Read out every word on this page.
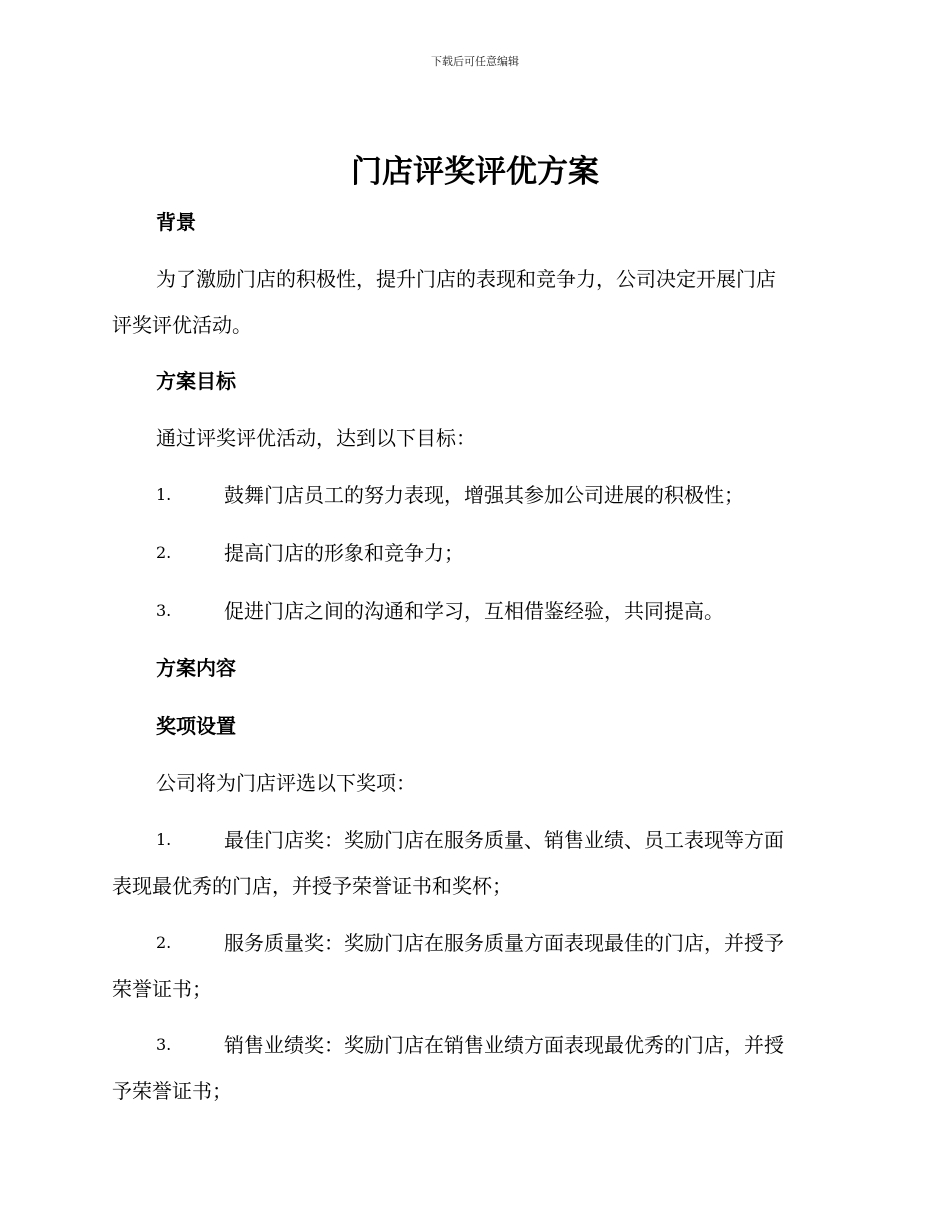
下载后可任意编辑
门店评奖评优方案
背景
为了激励门店的积极性，提升门店的表现和竞争力，公司决定开展门店
评奖评优活动。
方案目标
通过评奖评优活动，达到以下目标：
1.	鼓舞门店员工的努力表现，增强其参加公司进展的积极性；
2.	提高门店的形象和竞争力；
3.	促进门店之间的沟通和学习，互相借鉴经验，共同提高。
方案内容
奖项设置
公司将为门店评选以下奖项：
1.	最佳门店奖：奖励门店在服务质量、销售业绩、员工表现等方面
表现最优秀的门店，并授予荣誉证书和奖杯；
2.	服务质量奖：奖励门店在服务质量方面表现最佳的门店，并授予
荣誉证书；
3.	销售业绩奖：奖励门店在销售业绩方面表现最优秀的门店，并授
予荣誉证书；
